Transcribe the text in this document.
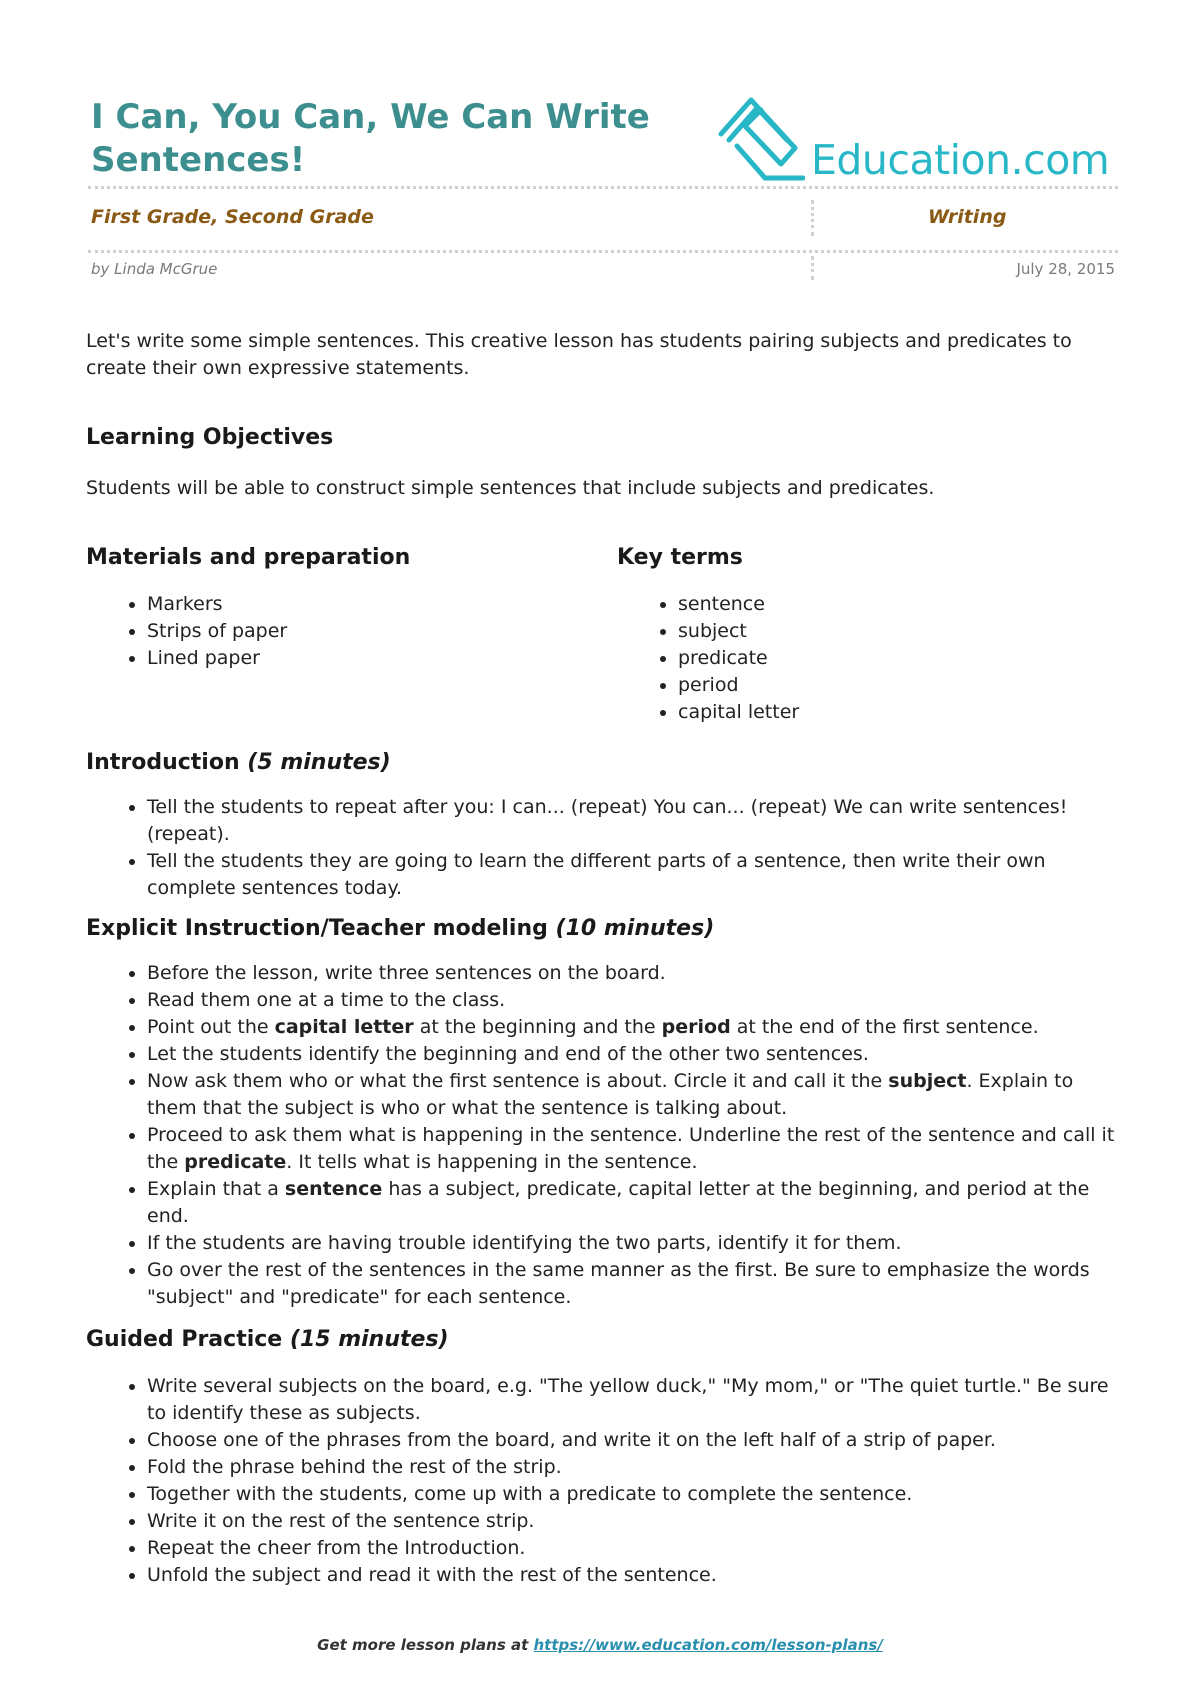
I Can, You Can, We Can Write Sentences!	Education.com
First Grade, Second Grade	Writing
by Linda McGrue	July 28, 2015

Let's write some simple sentences. This creative lesson has students pairing subjects and predicates to create their own expressive statements.

Learning Objectives

Students will be able to construct simple sentences that include subjects and predicates.

Materials and preparation
• Markers
• Strips of paper
• Lined paper
Key terms
• sentence
• subject
• predicate
• period
• capital letter
Introduction (5 minutes)
• Tell the students to repeat after you: I can... (repeat) You can... (repeat) We can write sentences! (repeat).
• Tell the students they are going to learn the different parts of a sentence, then write their own complete sentences today.
Explicit Instruction/Teacher modeling (10 minutes)
• Before the lesson, write three sentences on the board.
• Read them one at a time to the class.
• Point out the capital letter at the beginning and the period at the end of the first sentence.
• Let the students identify the beginning and end of the other two sentences.
• Now ask them who or what the first sentence is about. Circle it and call it the subject. Explain to them that the subject is who or what the sentence is talking about.
• Proceed to ask them what is happening in the sentence. Underline the rest of the sentence and call it the predicate. It tells what is happening in the sentence.
• Explain that a sentence has a subject, predicate, capital letter at the beginning, and period at the end.
• If the students are having trouble identifying the two parts, identify it for them.
• Go over the rest of the sentences in the same manner as the first. Be sure to emphasize the words "subject" and "predicate" for each sentence.
Guided Practice (15 minutes)
• Write several subjects on the board, e.g. "The yellow duck," "My mom," or "The quiet turtle." Be sure to identify these as subjects.
• Choose one of the phrases from the board, and write it on the left half of a strip of paper.
• Fold the phrase behind the rest of the strip.
• Together with the students, come up with a predicate to complete the sentence.
• Write it on the rest of the sentence strip.
• Repeat the cheer from the Introduction.
• Unfold the subject and read it with the rest of the sentence.
Get more lesson plans at https://www.education.com/lesson-plans/
